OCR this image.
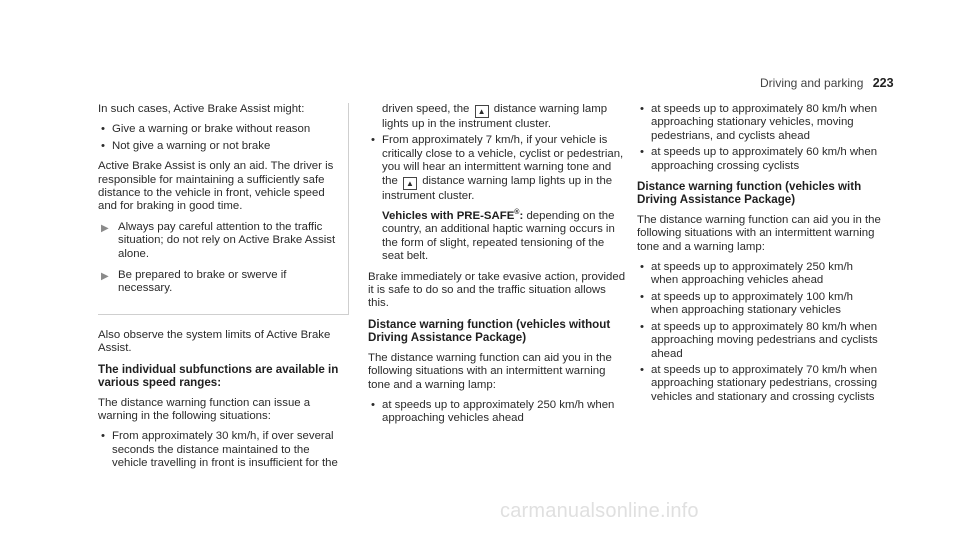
Driving and parking 223

In such cases, Active Brake Assist might:

• Give a warning or brake without reason
• Not give a warning or not brake

Active Brake Assist is only an aid. The driver is responsible for maintaining a sufficiently safe distance to the vehicle in front, vehicle speed and for braking in good time.

▶ Always pay careful attention to the traffic situation; do not rely on Active Brake Assist alone.
▶ Be prepared to brake or swerve if necessary.

Also observe the system limits of Active Brake Assist.

The individual subfunctions are available in various speed ranges:

The distance warning function can issue a warning in the following situations:

• From approximately 30 km/h, if over several seconds the distance maintained to the vehicle travelling in front is insufficient for the

driven speed, the ▲ distance warning lamp lights up in the instrument cluster.

• From approximately 7 km/h, if your vehicle is critically close to a vehicle, cyclist or pedestrian, you will hear an intermittent warning tone and the ▲ distance warning lamp lights up in the instrument cluster.

Vehicles with PRE-SAFE®: depending on the country, an additional haptic warning occurs in the form of slight, repeated tensioning of the seat belt.

Brake immediately or take evasive action, provided it is safe to do so and the traffic situation allows this.

Distance warning function (vehicles without Driving Assistance Package)

The distance warning function can aid you in the following situations with an intermittent warning tone and a warning lamp:

• at speeds up to approximately 250 km/h when approaching vehicles ahead
• at speeds up to approximately 80 km/h when approaching stationary vehicles, moving pedestrians, and cyclists ahead
• at speeds up to approximately 60 km/h when approaching crossing cyclists
Distance warning function (vehicles with Driving Assistance Package)

The distance warning function can aid you in the following situations with an intermittent warning tone and a warning lamp:

• at speeds up to approximately 250 km/h when approaching vehicles ahead
• at speeds up to approximately 100 km/h when approaching stationary vehicles
• at speeds up to approximately 80 km/h when approaching moving pedestrians and cyclists ahead
• at speeds up to approximately 70 km/h when approaching stationary pedestrians, crossing vehicles and stationary and crossing cyclists
carmanualsonline.info
